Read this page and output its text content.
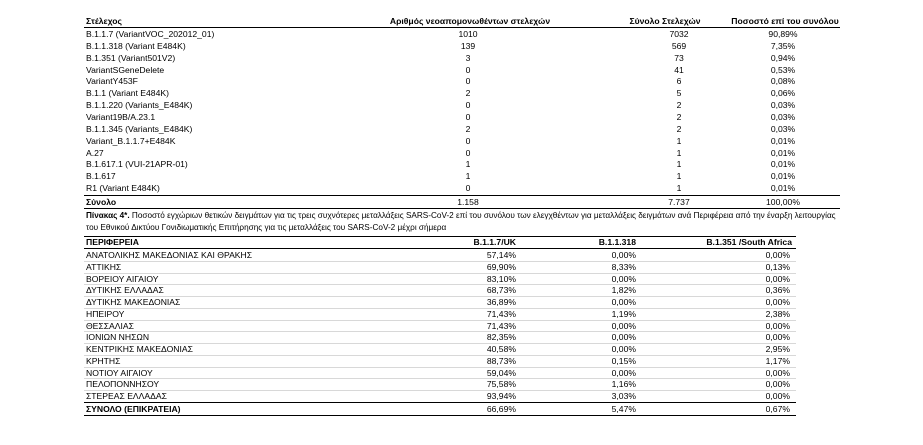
Στέλεχος	Αριθμός νεοαπομονωθέντων στελεχών	Σύνολο Στελεχών	Ποσοστό επί του συνόλου
B.1.1.7 (VariantVOC_202012_01)	1010	7032	90,89%
B.1.1.318 (Variant E484K)	139	569	7,35%
B.1.351 (Variant501V2)	3	73	0,94%
VariantSGeneDelete	0	41	0,53%
VariantY453F	0	6	0,08%
B.1.1 (Variant E484K)	2	5	0,06%
B.1.1.220 (Variants_E484K)	0	2	0,03%
Variant19B/A.23.1	0	2	0,03%
B.1.1.345 (Variants_E484K)	2	2	0,03%
Variant_B.1.1.7+E484K	0	1	0,01%
A.27	0	1	0,01%
B.1.617.1 (VUI-21APR-01)	1	1	0,01%
B.1.617	1	1	0,01%
R1 (Variant E484K)	0	1	0,01%
Σύνολο	1.158	7.737	100,00%
Πίνακας 4*. Ποσοστό εγχώριων θετικών δειγμάτων για τις τρεις συχνότερες μεταλλάξεις SARS-CoV-2 επί του συνόλου των ελεγχθέντων για μεταλλάξεις δειγμάτων ανά Περιφέρεια από την έναρξη λειτουργίας
του Εθνικού Δικτύου Γονιδιωματικής Επιτήρησης για τις μεταλλάξεις του SARS-CoV-2 μέχρι σήμερα
ΠΕΡΙΦΕΡΕΙΑ	B.1.1.7/UK	B.1.1.318	B.1.351 /South Africa
ΑΝΑΤΟΛΙΚΗΣ ΜΑΚΕΔΟΝΙΑΣ ΚΑΙ ΘΡΑΚΗΣ	57,14%	0,00%	0,00%
ΑΤΤΙΚΗΣ	69,90%	8,33%	0,13%
ΒΟΡΕΙΟΥ ΑΙΓΑΙΟΥ	83,10%	0,00%	0,00%
ΔΥΤΙΚΗΣ ΕΛΛΑΔΑΣ	68,73%	1,82%	0,36%
ΔΥΤΙΚΗΣ ΜΑΚΕΔΟΝΙΑΣ	36,89%	0,00%	0,00%
ΗΠΕΙΡΟΥ	71,43%	1,19%	2,38%
ΘΕΣΣΑΛΙΑΣ	71,43%	0,00%	0,00%
ΙΟΝΙΩΝ ΝΗΣΩΝ	82,35%	0,00%	0,00%
ΚΕΝΤΡΙΚΗΣ ΜΑΚΕΔΟΝΙΑΣ	40,58%	0,00%	2,95%
ΚΡΗΤΗΣ	88,73%	0,15%	1,17%
ΝΟΤΙΟΥ ΑΙΓΑΙΟΥ	59,04%	0,00%	0,00%
ΠΕΛΟΠΟΝΝΗΣΟΥ	75,58%	1,16%	0,00%
ΣΤΕΡΕΑΣ ΕΛΛΑΔΑΣ	93,94%	3,03%	0,00%
ΣΥΝΟΛΟ (ΕΠΙΚΡΑΤΕΙΑ)	66,69%	5,47%	0,67%
